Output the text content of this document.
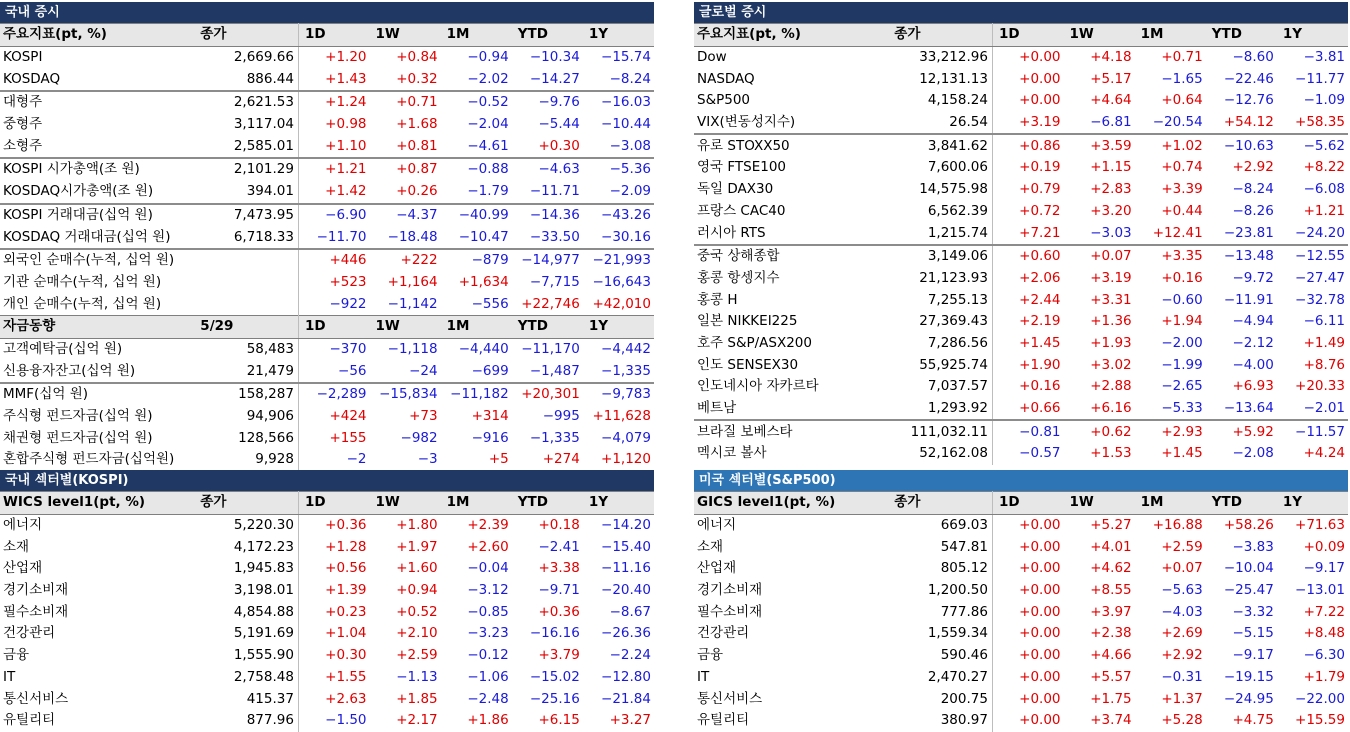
국내 증시
주요지표(pt, %)	종가	1D	1W	1M	YTD	1Y
KOSPI	2,669.66	+1.20	+0.84	−0.94	−10.34	−15.74
KOSDAQ	886.44	+1.43	+0.32	−2.02	−14.27	−8.24
대형주	2,621.53	+1.24	+0.71	−0.52	−9.76	−16.03
중형주	3,117.04	+0.98	+1.68	−2.04	−5.44	−10.44
소형주	2,585.01	+1.10	+0.81	−4.61	+0.30	−3.08
KOSPI 시가총액(조 원)	2,101.29	+1.21	+0.87	−0.88	−4.63	−5.36
KOSDAQ시가총액(조 원)	394.01	+1.42	+0.26	−1.79	−11.71	−2.09
KOSPI 거래대금(십억 원)	7,473.95	−6.90	−4.37	−40.99	−14.36	−43.26
KOSDAQ 거래대금(십억 원)	6,718.33	−11.70	−18.48	−10.47	−33.50	−30.16
외국인 순매수(누적, 십억 원)		+446	+222	−879	−14,977	−21,993
기관 순매수(누적, 십억 원)		+523	+1,164	+1,634	−7,715	−16,643
개인 순매수(누적, 십억 원)		−922	−1,142	−556	+22,746	+42,010
자금동향	5/29	1D	1W	1M	YTD	1Y
고객예탁금(십억 원)	58,483	−370	−1,118	−4,440	−11,170	−4,442
신용융자잔고(십억 원)	21,479	−56	−24	−699	−1,487	−1,335
MMF(십억 원)	158,287	−2,289	−15,834	−11,182	+20,301	−9,783
주식형 펀드자금(십억 원)	94,906	+424	+73	+314	−995	+11,628
채권형 펀드자금(십억 원)	128,566	+155	−982	−916	−1,335	−4,079
혼합주식형 펀드자금(십억원)	9,928	−2	−3	+5	+274	+1,120
글로벌 증시
주요지표(pt, %)	종가	1D	1W	1M	YTD	1Y
Dow	33,212.96	+0.00	+4.18	+0.71	−8.60	−3.81
NASDAQ	12,131.13	+0.00	+5.17	−1.65	−22.46	−11.77
S&P500	4,158.24	+0.00	+4.64	+0.64	−12.76	−1.09
VIX(변동성지수)	26.54	+3.19	−6.81	−20.54	+54.12	+58.35
유로 STOXX50	3,841.62	+0.86	+3.59	+1.02	−10.63	−5.62
영국 FTSE100	7,600.06	+0.19	+1.15	+0.74	+2.92	+8.22
독일 DAX30	14,575.98	+0.79	+2.83	+3.39	−8.24	−6.08
프랑스 CAC40	6,562.39	+0.72	+3.20	+0.44	−8.26	+1.21
러시아 RTS	1,215.74	+7.21	−3.03	+12.41	−23.81	−24.20
중국 상해종합	3,149.06	+0.60	+0.07	+3.35	−13.48	−12.55
홍콩 항셍지수	21,123.93	+2.06	+3.19	+0.16	−9.72	−27.47
홍콩 H	7,255.13	+2.44	+3.31	−0.60	−11.91	−32.78
일본 NIKKEI225	27,369.43	+2.19	+1.36	+1.94	−4.94	−6.11
호주 S&P/ASX200	7,286.56	+1.45	+1.93	−2.00	−2.12	+1.49
인도 SENSEX30	55,925.74	+1.90	+3.02	−1.99	−4.00	+8.76
인도네시아 자카르타	7,037.57	+0.16	+2.88	−2.65	+6.93	+20.33
베트남	1,293.92	+0.66	+6.16	−5.33	−13.64	−2.01
브라질 보베스타	111,032.11	−0.81	+0.62	+2.93	+5.92	−11.57
멕시코 볼사	52,162.08	−0.57	+1.53	+1.45	−2.08	+4.24
국내 섹터별(KOSPI)
WICS level1(pt, %)	종가	1D	1W	1M	YTD	1Y
에너지	5,220.30	+0.36	+1.80	+2.39	+0.18	−14.20
소재	4,172.23	+1.28	+1.97	+2.60	−2.41	−15.40
산업재	1,945.83	+0.56	+1.60	−0.04	+3.38	−11.16
경기소비재	3,198.01	+1.39	+0.94	−3.12	−9.71	−20.40
필수소비재	4,854.88	+0.23	+0.52	−0.85	+0.36	−8.67
건강관리	5,191.69	+1.04	+2.10	−3.23	−16.16	−26.36
금융	1,555.90	+0.30	+2.59	−0.12	+3.79	−2.24
IT	2,758.48	+1.55	−1.13	−1.06	−15.02	−12.80
통신서비스	415.37	+2.63	+1.85	−2.48	−25.16	−21.84
유틸리티	877.96	−1.50	+2.17	+1.86	+6.15	+3.27
미국 섹터별(S&P500)
GICS level1(pt, %)	종가	1D	1W	1M	YTD	1Y
에너지	669.03	+0.00	+5.27	+16.88	+58.26	+71.63
소재	547.81	+0.00	+4.01	+2.59	−3.83	+0.09
산업재	805.12	+0.00	+4.62	+0.07	−10.04	−9.17
경기소비재	1,200.50	+0.00	+8.55	−5.63	−25.47	−13.01
필수소비재	777.86	+0.00	+3.97	−4.03	−3.32	+7.22
건강관리	1,559.34	+0.00	+2.38	+2.69	−5.15	+8.48
금융	590.46	+0.00	+4.66	+2.92	−9.17	−6.30
IT	2,470.27	+0.00	+5.57	−0.31	−19.15	+1.79
통신서비스	200.75	+0.00	+1.75	+1.37	−24.95	−22.00
유틸리티	380.97	+0.00	+3.74	+5.28	+4.75	+15.59
